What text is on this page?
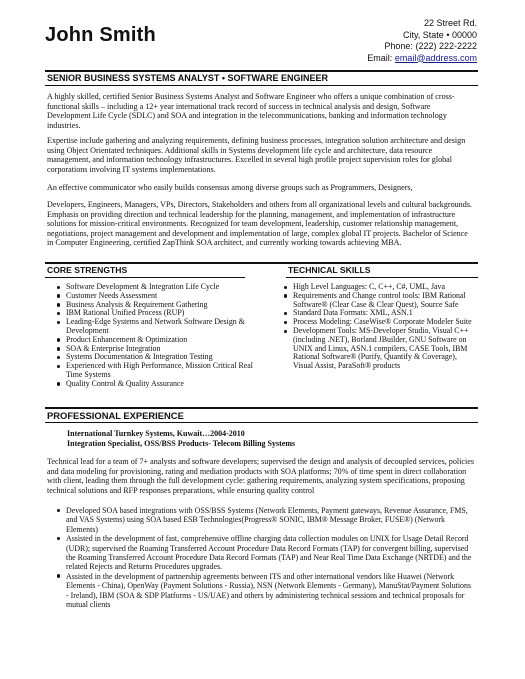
John Smith
22 Street Rd.
City, State • 00000
Phone: (222) 222-2222
Email: email@address.com
SENIOR BUSINESS SYSTEMS ANALYST • SOFTWARE ENGINEER

A highly skilled, certified Senior Business Systems Analyst and Software Engineer who offers a unique combination of cross-functional skills – including a 12+ year international track record of success in technical analysis and design, Software Development Life Cycle (SDLC) and SOA and integration in the telecommunications, banking and information technology industries.

Expertise include gathering and analyzing requirements, defining business processes, integration solution architecture and design using Object Orientated techniques. Additional skills in Systems development life cycle and architecture, data resource management, and information technology infrastructures. Excelled in several high profile project supervision roles for global corporations involving IT systems implementations.

An effective communicator who easily builds consensus among diverse groups such as Programmers, Designers,

Developers, Engineers, Managers, VPs, Directors, Stakeholders and others from all organizational levels and cultural backgrounds. Emphasis on providing direction and technical leadership for the planning, management, and implementation of infrastructure solutions for mission-critical environments. Recognized for team development, leadership, customer relationship management, negotiations, project management and development and implementation of large, complex global IT projects. Bachelor of Science in Computer Engineering, certified ZapThink SOA architect, and currently working towards achieving MBA.

CORE STRENGTHS	TECHNICAL SKILLS
Software Development & Integration Life Cycle
Customer Needs Assessment
Business Analysis & Requirement Gathering
IBM Rational Unified Process (RUP)
Leading-Edge Systems and Network Software Design & Development
Product Enhancement & Optimization
SOA & Enterprise Integration
Systems Documentation & Integration Testing
Experienced with High Performance, Mission Critical Real Time Systems
Quality Control & Quality Assurance
High Level Languages: C, C++, C#, UML, Java
Requirements and Change control tools: IBM Rational Software® (Clear Case & Clear Quest), Source Safe
Standard Data Formats: XML, ASN.1
Process Modeling: CaseWise® Corporate Modeler Suite
Development Tools: MS-Developer Studio, Visual C++ (including .NET), Borland JBuilder, GNU Software on UNIX and Linux, ASN.1 compilers, CASE Tools, IBM Rational Software® (Purify, Quantify & Coverage), Visual Assist, ParaSoft® products
PROFESSIONAL EXPERIENCE
International Turnkey Systems, Kuwait…2004-2010
Integration Specialist, OSS/BSS Products- Telecom Billing Systems

Technical lead for a team of 7+ analysts and software developers; supervised the design and analysis of decoupled services, policies and data modeling for provisioning, rating and mediation products with SOA platforms; 70% of time spent in direct collaboration with client, leading them through the full development cycle: gathering requirements, analyzing system specifications, proposing technical solutions and RFP responses preparations, while ensuring quality control

Developed SOA based integrations with OSS/BSS Systems (Network Elements, Payment gateways, Revenue Assurance, FMS, and VAS Systems) using SOA based ESB Technologies(Progress® SONIC, IBM® Message Broker, FUSE®) (Network Elements)
Assisted in the development of fast, comprehensive offline charging data collection modules on UNIX for Usage Detail Record (UDR); supervised the Roaming Transferred Account Procedure Data Record Formats (TAP) for convergent billing, supervised the Roaming Transferred Account Procedure Data Record Formats (TAP) and Near Real Time Data Exchange (NRTDE) and the related Rejects and Returns Procedures upgrades.
Assisted in the development of partnership agreements between ITS and other international vendors like Huawei (Network Elements - China), OpenWay (Payment Solutions - Russia), NSN (Network Elements - Germany), ManuStat/Payment Solutions - Ireland), IBM (SOA & SDP Platforms - US/UAE) and others by administering technical sessions and technical proposals for mutual clients
